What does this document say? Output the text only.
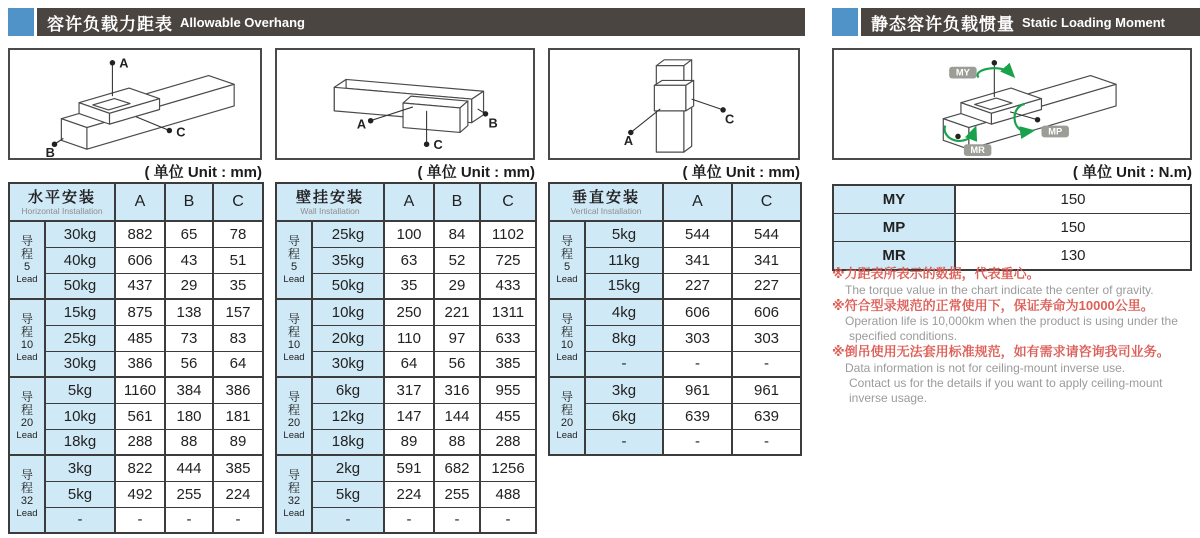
容许负载力距表 Allowable Overhang	静态容许负载惯量 Static Loading Moment
A
B
C
A	B
C	A
C
MY
MP
MR
( 单位 Unit : mm)	( 单位 Unit : mm)	( 单位 Unit : mm)	( 单位 Unit : N.m)
水平安装
Horizontal Installation		A	B	C

导
程
5
Lead	30kg	882	65	78
	40kg	606	43	51
	50kg	437	29	35

导
程
10
Lead	15kg	875	138	157
	25kg	485	73	83
	30kg	386	56	64

导
程
20
Lead	5kg	1160	384	386
	10kg	561	180	181
	18kg	288	88	89

导
程
32
Lead	3kg	822	444	385
	5kg	492	255	224
	-	-	-	-
壁挂安装
Wall Installation		A	B	C

导
程
5
Lead	25kg	100	84	1102
	35kg	63	52	725
	50kg	35	29	433

导
程
10
Lead	10kg	250	221	1311
	20kg	110	97	633
	30kg	64	56	385

导
程
20
Lead	6kg	317	316	955
	12kg	147	144	455
	18kg	89	88	288

导
程
32
Lead	2kg	591	682	1256
	5kg	224	255	488
	-	-	-	-
垂直安装
Vertical Installation		A	C

导
程
5
Lead	5kg	544	544
	11kg	341	341
	15kg	227	227

导
程
10
Lead	4kg	606	606
	8kg	303	303
	-	-	-

导
程
20
Lead	3kg	961	961
	6kg	639	639
	-	-	-
MY	150
MP	150
MR	130
※力距表所表示的数据，代表重心。
The torque value in the chart indicate the center of gravity.
※符合型录规范的正常使用下，保证寿命为10000公里。
Operation life is 10,000km when the product is using under the
specified conditions.
※倒吊使用无法套用标准规范，如有需求请咨询我司业务。
Data information is not for ceiling-mount inverse use.
Contact us for the details if you want to apply ceiling-mount
inverse usage.
